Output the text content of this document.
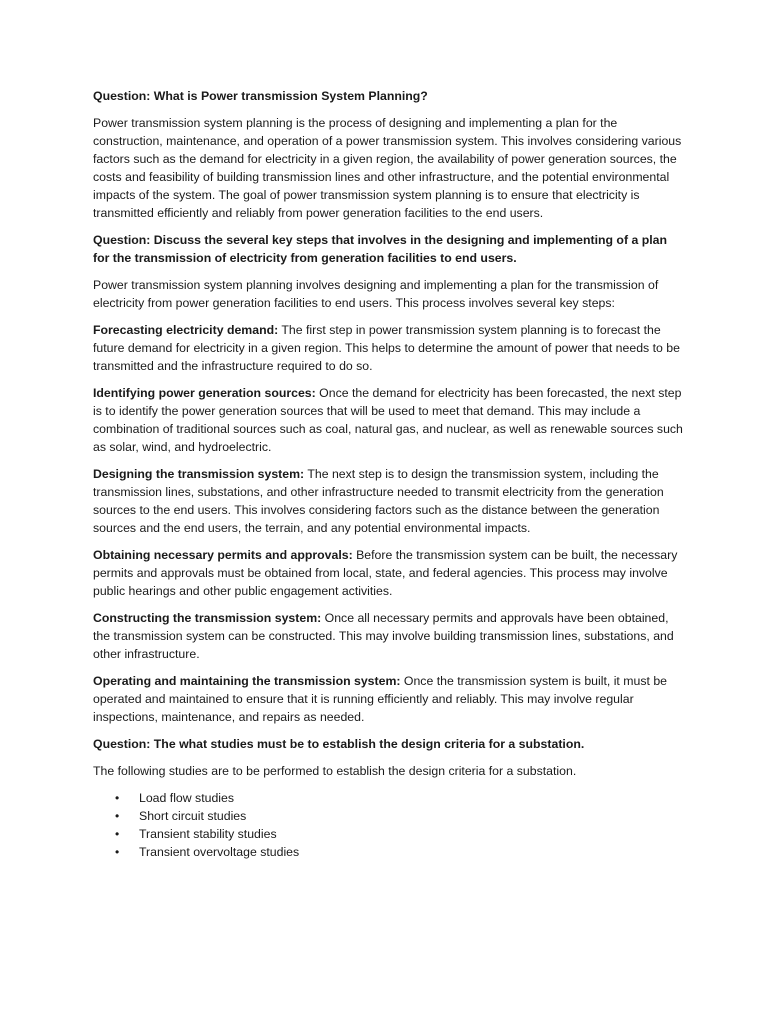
Question: What is Power transmission System Planning?
Power transmission system planning is the process of designing and implementing a plan for the construction, maintenance, and operation of a power transmission system. This involves considering various factors such as the demand for electricity in a given region, the availability of power generation sources, the costs and feasibility of building transmission lines and other infrastructure, and the potential environmental impacts of the system. The goal of power transmission system planning is to ensure that electricity is transmitted efficiently and reliably from power generation facilities to the end users.
Question: Discuss the several key steps that involves in the designing and implementing of a plan for the transmission of electricity from generation facilities to end users.
Power transmission system planning involves designing and implementing a plan for the transmission of electricity from power generation facilities to end users. This process involves several key steps:
Forecasting electricity demand: The first step in power transmission system planning is to forecast the future demand for electricity in a given region. This helps to determine the amount of power that needs to be transmitted and the infrastructure required to do so.
Identifying power generation sources: Once the demand for electricity has been forecasted, the next step is to identify the power generation sources that will be used to meet that demand. This may include a combination of traditional sources such as coal, natural gas, and nuclear, as well as renewable sources such as solar, wind, and hydroelectric.
Designing the transmission system: The next step is to design the transmission system, including the transmission lines, substations, and other infrastructure needed to transmit electricity from the generation sources to the end users. This involves considering factors such as the distance between the generation sources and the end users, the terrain, and any potential environmental impacts.
Obtaining necessary permits and approvals: Before the transmission system can be built, the necessary permits and approvals must be obtained from local, state, and federal agencies. This process may involve public hearings and other public engagement activities.
Constructing the transmission system: Once all necessary permits and approvals have been obtained, the transmission system can be constructed. This may involve building transmission lines, substations, and other infrastructure.
Operating and maintaining the transmission system: Once the transmission system is built, it must be operated and maintained to ensure that it is running efficiently and reliably. This may involve regular inspections, maintenance, and repairs as needed.
Question: The what studies must be to establish the design criteria for a substation.
The following studies are to be performed to establish the design criteria for a substation.
• Load flow studies
• Short circuit studies
• Transient stability studies
• Transient overvoltage studies
